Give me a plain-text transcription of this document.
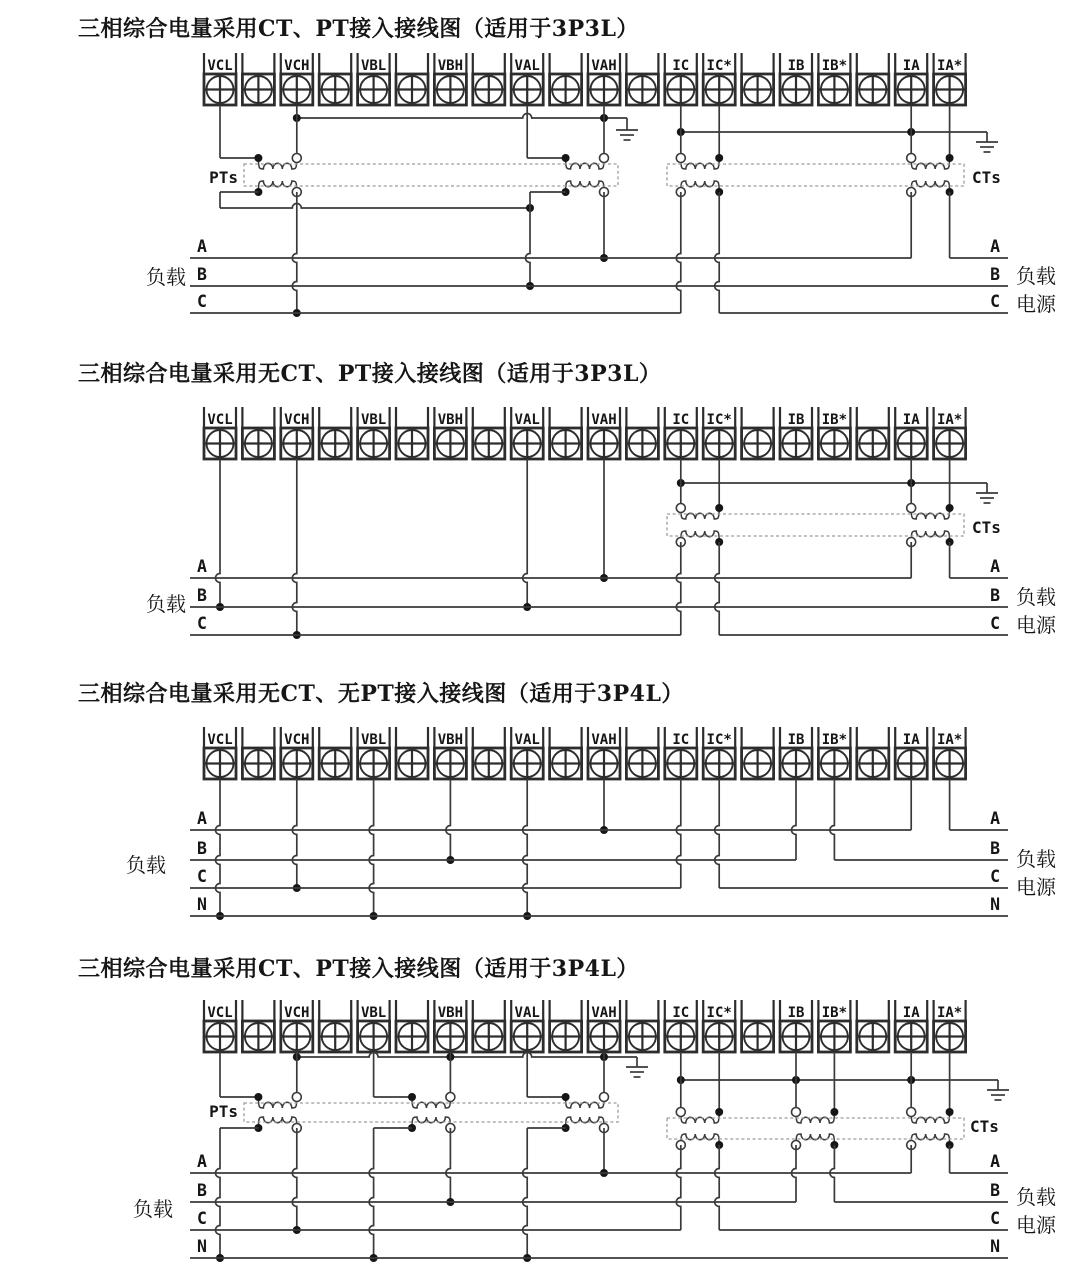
三相综合电量采用CT、PT接入接线图（适用于3P3L）
VCL	VCH	VBL	VBH	VAL	VAH	IC IC*	IB IB*	IA IA*
PTs	CTs
A	A
B	B
C	C
负载	负载
电源
三相综合电量采用无CT、PT接入接线图（适用于3P3L）
VCL	VCH	VBL	VBH	VAL	VAH	IC IC*	IB IB*	IA IA*
CTs
A	A
B	B
C	C
负载	负载
电源
三相综合电量采用无CT、无PT接入接线图（适用于3P4L）
VCL	VCH	VBL	VBH	VAL	VAH	IC IC*	IB IB*	IA IA*
A	A
B	B
C	C
N	N
负载	负载
电源
三相综合电量采用CT、PT接入接线图（适用于3P4L）
VCL	VCH	VBL	VBH	VAL	VAH	IC IC*	IB IB*	IA IA*
PTs
CTs
A	A
B	B
C	C
N	N
负载	负载
电源
